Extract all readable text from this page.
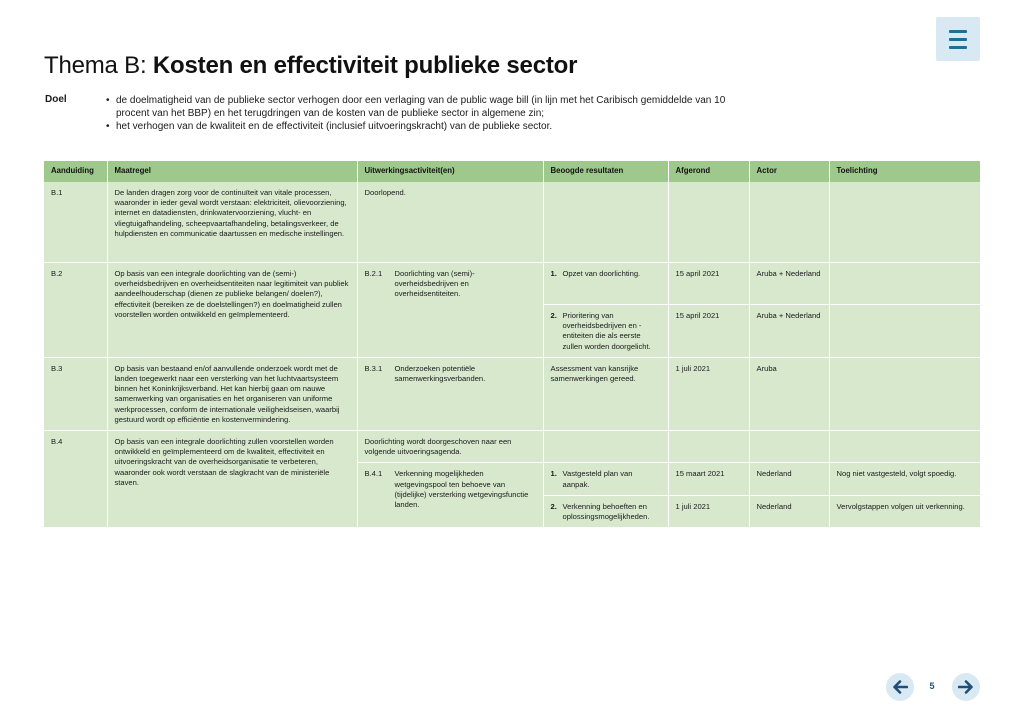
Thema B: Kosten en effectiviteit publieke sector
Doel	• de doelmatigheid van de publieke sector verhogen door een verlaging van de public wage bill (in lijn met het Caribisch gemiddelde van 10 procent van het BBP) en het terugdringen van de kosten van de publieke sector in algemene zin;
• het verhogen van de kwaliteit en de effectiviteit (inclusief uitvoeringskracht) van de publieke sector.
Aanduiding	Maatregel	Uitwerkingsactiviteit(en)	Beoogde resultaten	Afgerond	Actor	Toelichting
B.1	De landen dragen zorg voor de continuïteit van vitale processen, waaronder in ieder geval wordt verstaan: elektriciteit, olievoorziening, internet en datadiensten, drinkwatervoorziening, vlucht- en vliegtuigafhandeling, scheepvaartafhandeling, betalingsverkeer, de hulpdiensten en communicatie daartussen en medische instellingen.	Doorlopend.				
B.2	Op basis van een integrale doorlichting van de (semi-) overheidsbedrijven en overheidsentiteiten naar legitimiteit van publiek aandeelhouderschap (dienen ze publieke belangen/ doelen?), effectiviteit (bereiken ze de doelstellingen?) en doelmatigheid zullen voorstellen worden ontwikkeld en geïmplementeerd.	B.2.1 Doorlichting van (semi)-overheidsbedrijven en overheidsentiteiten.	1. Opzet van doorlichting.	15 april 2021	Aruba + Nederland	

			2. Prioritering van overheidsbedrijven en -entiteiten die als eerste zullen worden doorgelicht.	15 april 2021	Aruba + Nederland	
B.3	Op basis van bestaand en/of aanvullende onderzoek wordt met de landen toegewerkt naar een versterking van het luchtvaartsysteem binnen het Koninkrijksverband. Het kan hierbij gaan om nauwe samenwerking van organisaties en het organiseren van uniforme werkprocessen, conform de internationale veiligheidseisen, waarbij gestuurd wordt op efficiëntie en kostenvermindering.	B.3.1 Onderzoeken potentiële samenwerkingsverbanden.	Assessment van kansrijke samenwerkingen gereed.	1 juli 2021	Aruba	
B.4	Op basis van een integrale doorlichting zullen voorstellen worden ontwikkeld en geïmplementeerd om de kwaliteit, effectiviteit en uitvoeringskracht van de overheidsorganisatie te verbeteren, waaronder ook wordt verstaan de slagkracht van de ministeriële staven.	Doorlichting wordt doorgeschoven naar een volgende uitvoeringsagenda.				

		B.4.1 Verkenning mogelijkheden wetgevingspool ten behoeve van (tijdelijke) versterking wetgevingsfunctie landen.	1. Vastgesteld plan van aanpak.	15 maart 2021	Nederland	Nog niet vastgesteld, volgt spoedig.

			2. Verkenning behoeften en oplossingsmogelijkheden.	1 juli 2021	Nederland	Vervolgstappen volgen uit verkenning.
5
